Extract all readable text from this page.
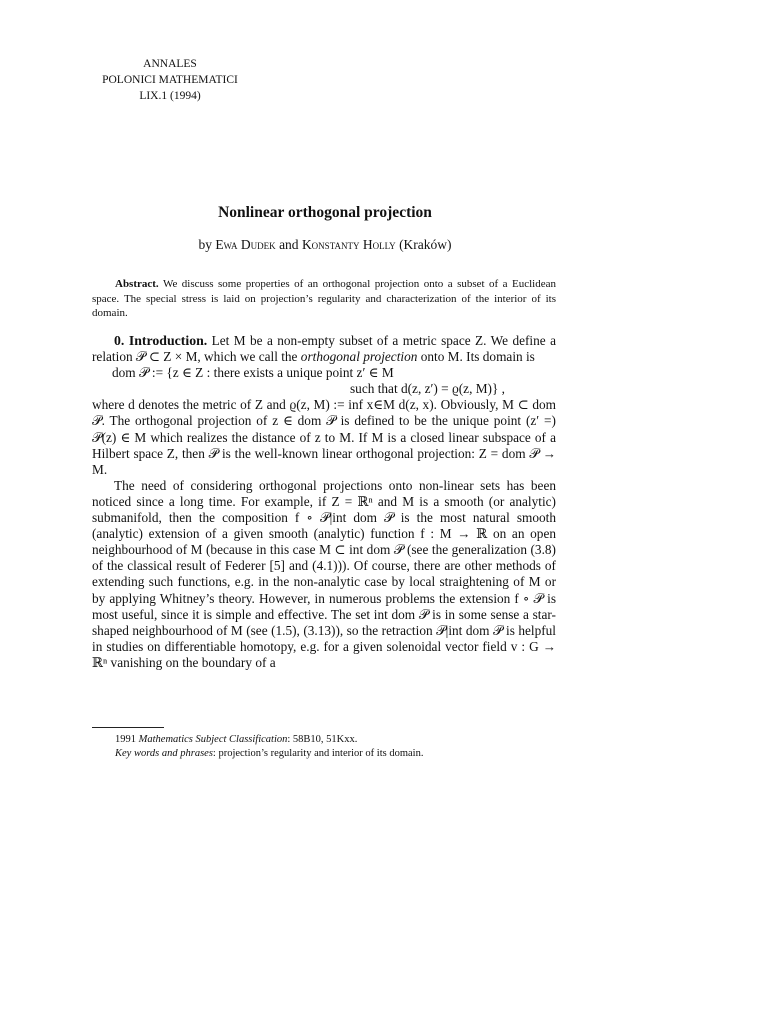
ANNALES
POLONICI MATHEMATICI
LIX.1 (1994)
Nonlinear orthogonal projection
by Ewa Dudek and Konstanty Holly (Kraków)
Abstract. We discuss some properties of an orthogonal projection onto a subset of a Euclidean space. The special stress is laid on projection’s regularity and characterization of the interior of its domain.

0. Introduction. Let M be a non-empty subset of a metric space Z. We define a relation 𝒫 ⊂ Z × M, which we call the orthogonal projection onto M. Its domain is

dom 𝒫 := {z ∈ Z : there exists a unique point z′ ∈ M

such that d(z, z′) = ϱ(z, M)} ,

where d denotes the metric of Z and ϱ(z, M) := inf x∈M d(z, x). Obviously, M ⊂ dom 𝒫. The orthogonal projection of z ∈ dom 𝒫 is defined to be the unique point (z′ =) 𝒫(z) ∈ M which realizes the distance of z to M. If M is a closed linear subspace of a Hilbert space Z, then 𝒫 is the well-known linear orthogonal projection: Z = dom 𝒫 → M.

The need of considering orthogonal projections onto non-linear sets has been noticed since a long time. For example, if Z = ℝⁿ and M is a smooth (or analytic) submanifold, then the composition f ∘ 𝒫|int dom 𝒫 is the most natural smooth (analytic) extension of a given smooth (analytic) function f : M → ℝ on an open neighbourhood of M (because in this case M ⊂ int dom 𝒫 (see the generalization (3.8) of the classical result of Federer [5] and (4.1))). Of course, there are other methods of extending such functions, e.g. in the non-analytic case by local straightening of M or by applying Whitney’s theory. However, in numerous problems the extension f ∘ 𝒫 is most useful, since it is simple and effective. The set int dom 𝒫 is in some sense a star-shaped neighbourhood of M (see (1.5), (3.13)), so the retraction 𝒫|int dom 𝒫 is helpful in studies on differentiable homotopy, e.g. for a given solenoidal vector field v : G → ℝⁿ vanishing on the boundary of a

1991 Mathematics Subject Classification: 58B10, 51Kxx.
Key words and phrases: projection’s regularity and interior of its domain.
